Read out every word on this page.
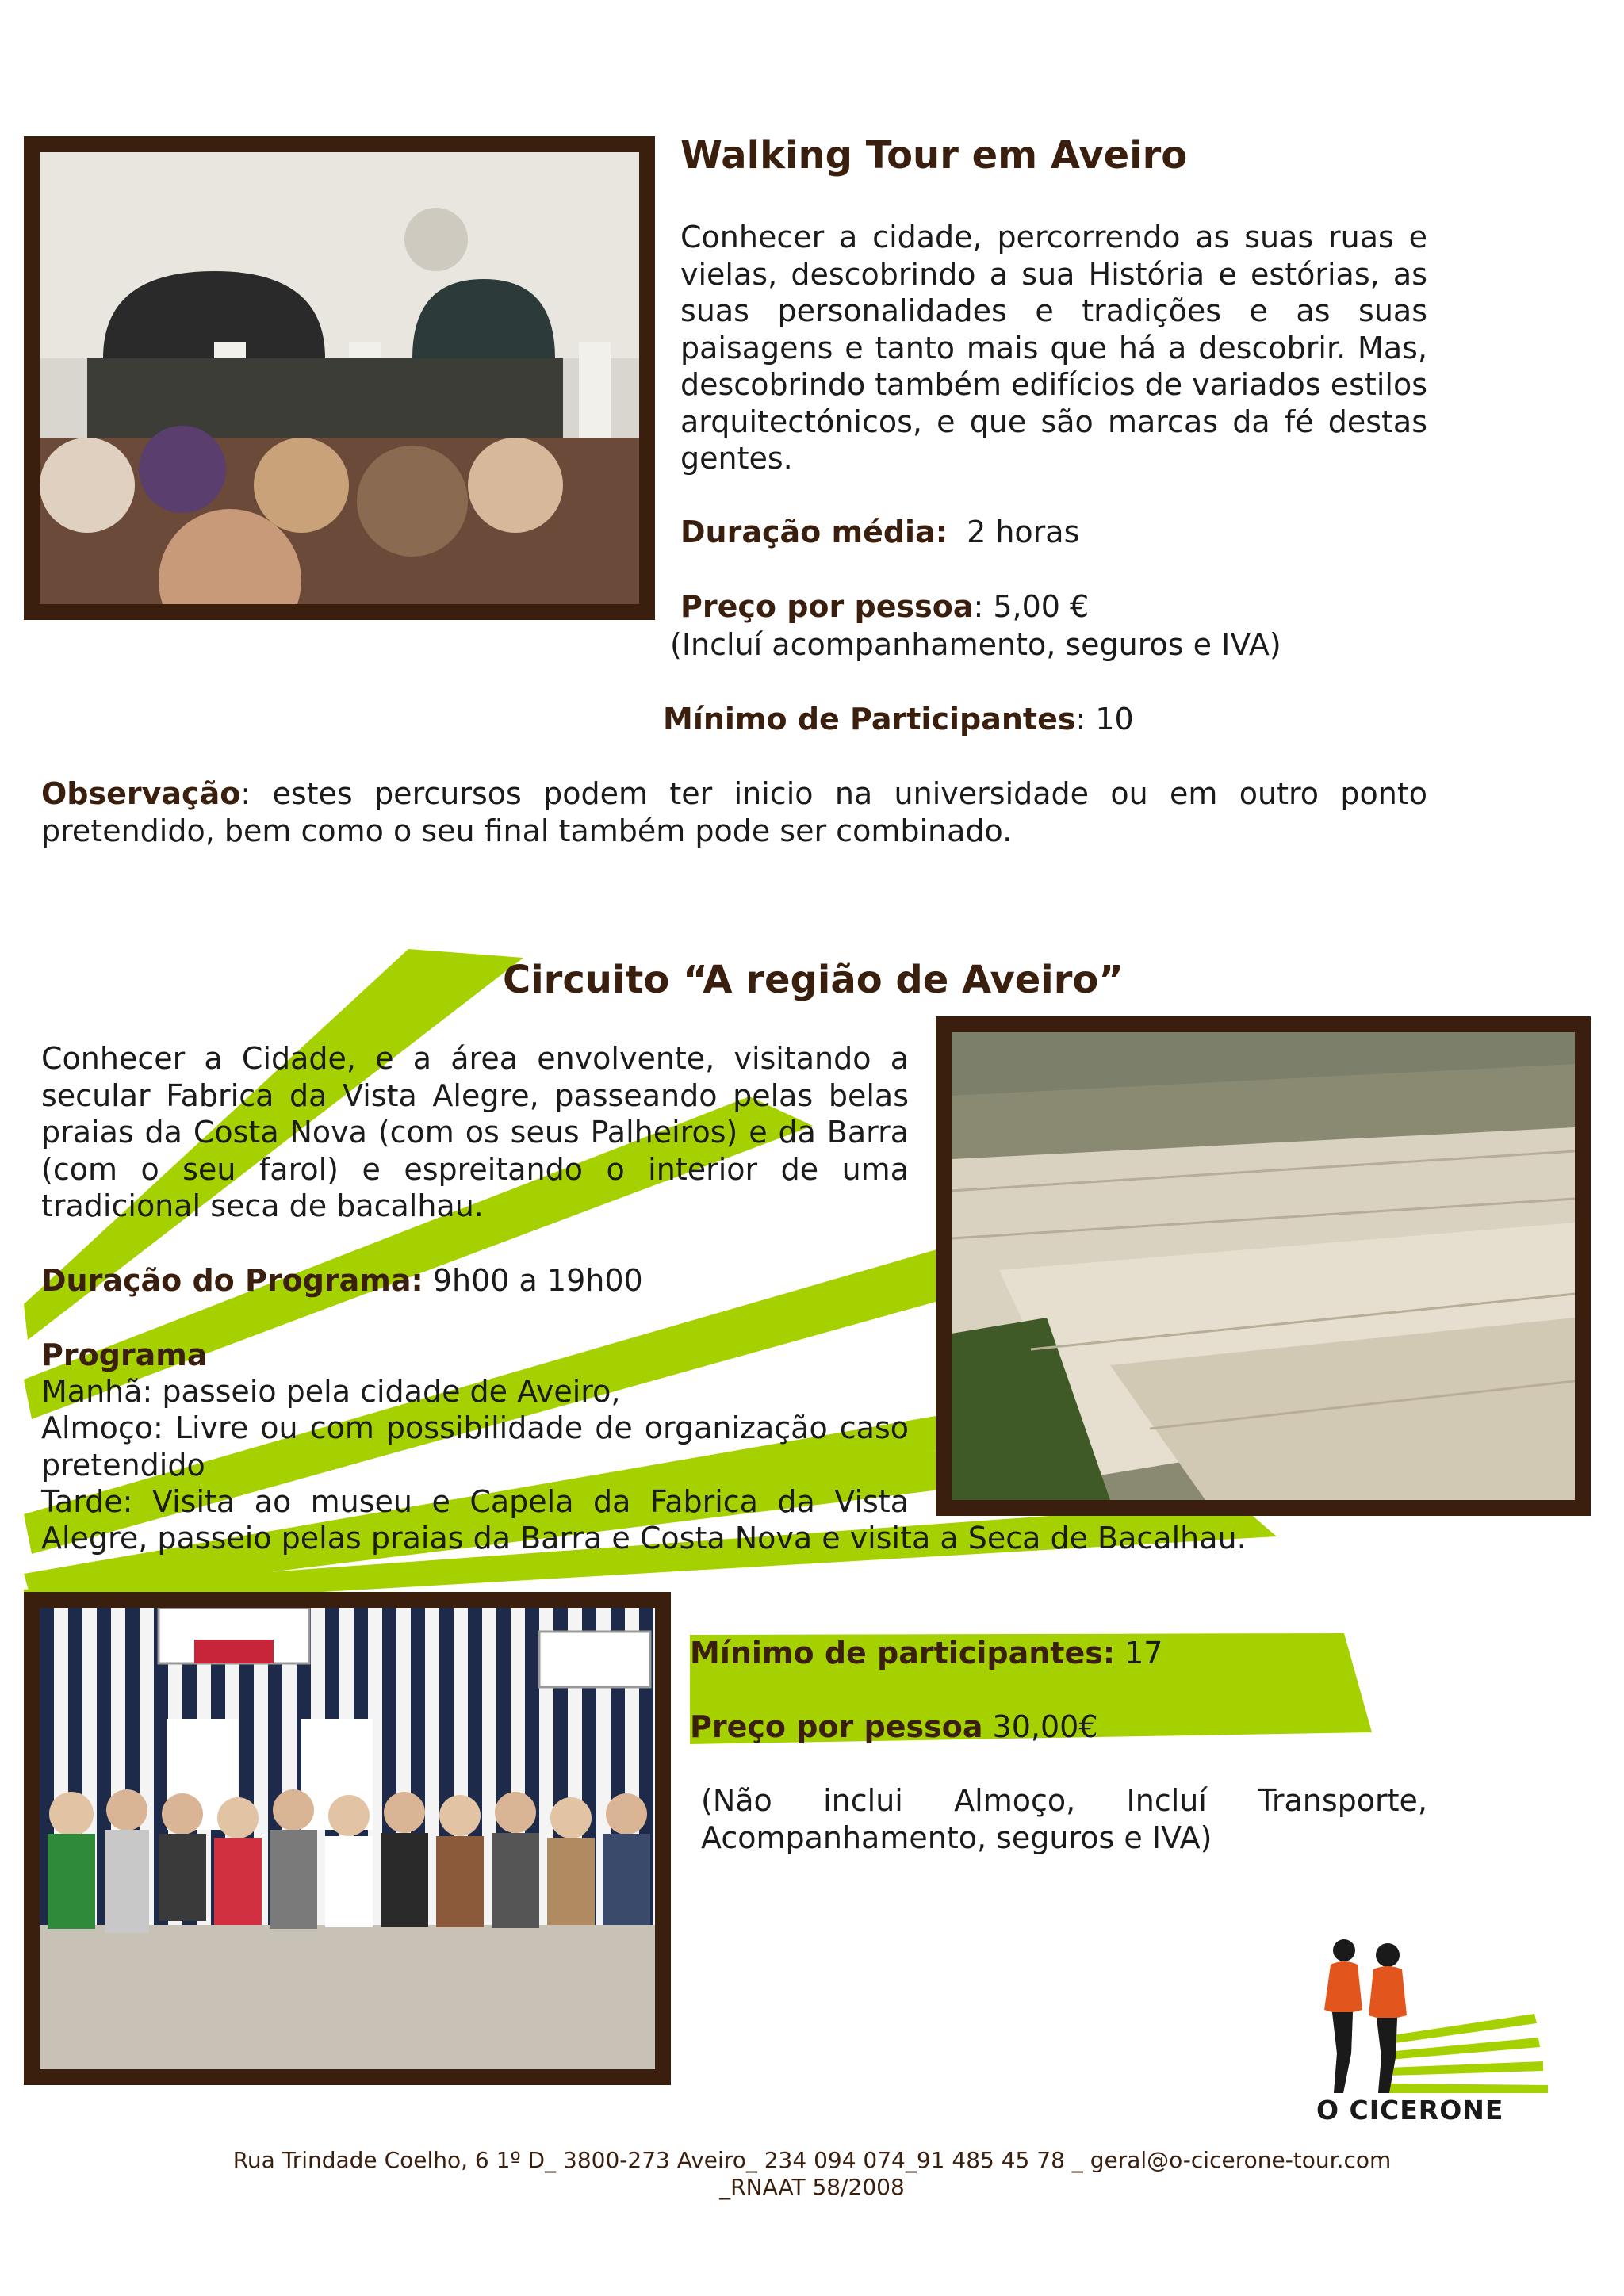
Walking Tour em Aveiro

Conhecer a cidade, percorrendo as suas ruas e vielas, descobrindo a sua História e estórias, as suas personalidades e tradições e as suas paisagens e tanto mais que há a descobrir. Mas, descobrindo também edifícios de variados estilos arquitectónicos, e que são marcas da fé destas gentes.

Duração média: 2 horas
Preço por pessoa: 5,00 €
(Incluí acompanhamento, seguros e IVA)
Mínimo de Participantes: 10

Observação: estes percursos podem ter inicio na universidade ou em outro ponto pretendido, bem como o seu final também pode ser combinado.

Circuito “A região de Aveiro”

Conhecer a Cidade, e a área envolvente, visitando a secular Fabrica da Vista Alegre, passeando pelas belas praias da Costa Nova (com os seus Palheiros) e da Barra (com o seu farol) e espreitando o interior de uma tradicional seca de bacalhau.

Duração do Programa: 9h00 a 19h00
Programa
Manhã: passeio pela cidade de Aveiro,

Almoço: Livre ou com possibilidade de organização caso pretendido

Tarde: Visita ao museu e Capela da Fabrica da Vista

Alegre, passeio pelas praias da Barra e Costa Nova e visita a Seca de Bacalhau.
Mínimo de participantes: 17
Preço por pessoa 30,00€

(Não inclui Almoço, Incluí Transporte, Acompanhamento, seguros e IVA)

O CICERONE
Rua Trindade Coelho, 6 1º D_ 3800-273 Aveiro_ 234 094 074_91 485 45 78 _ geral@o-cicerone-tour.com
_RNAAT 58/2008
